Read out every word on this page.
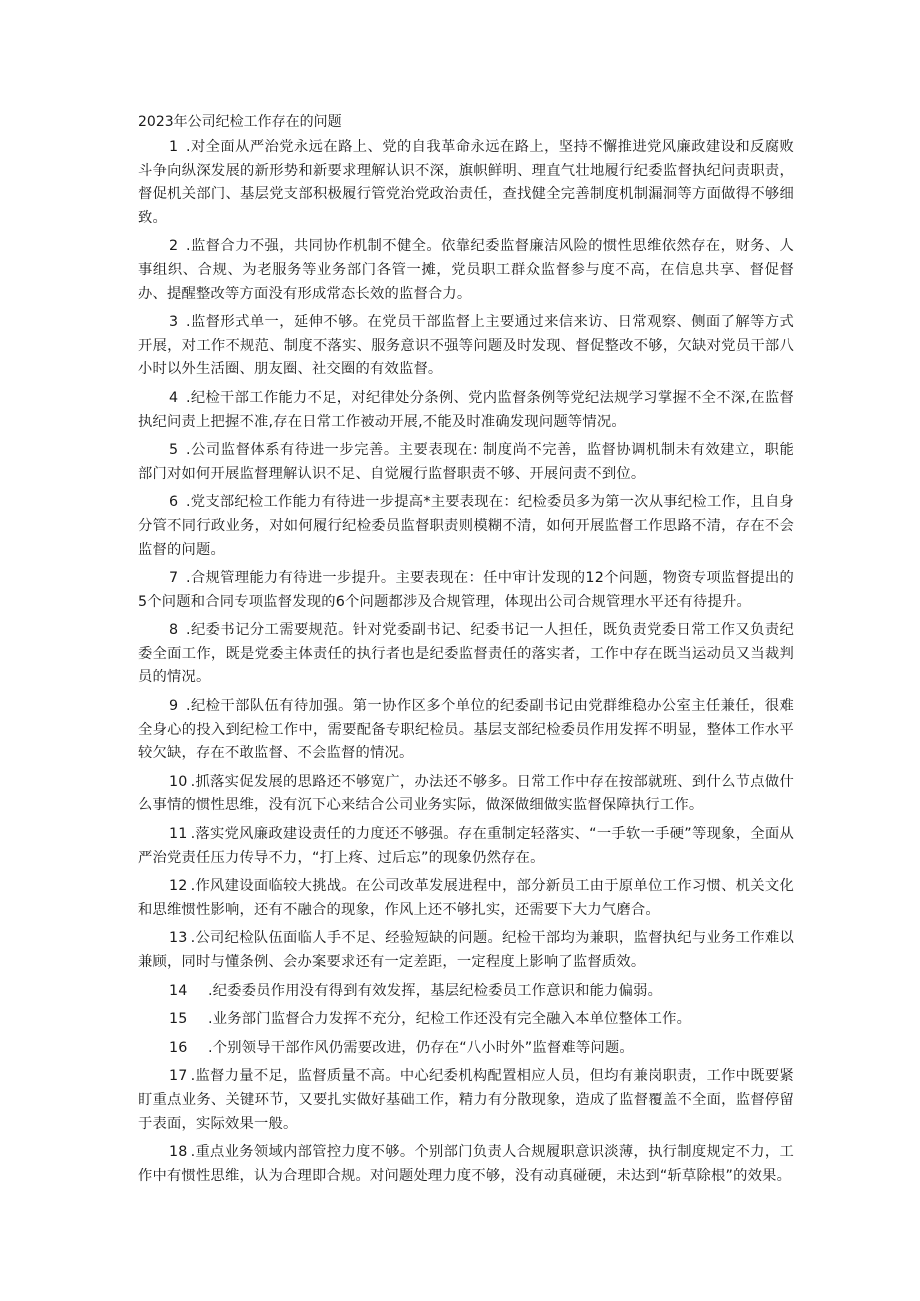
2023年公司纪检工作存在的问题

1 .对全面从严治党永远在路上、党的自我革命永远在路上，坚持不懈推进党风廉政建设和反腐败斗争向纵深发展的新形势和新要求理解认识不深，旗帜鲜明、理直气壮地履行纪委监督执纪问责职责，督促机关部门、基层党支部积极履行管党治党政治责任，查找健全完善制度机制漏洞等方面做得不够细致。

2 .监督合力不强，共同协作机制不健全。依靠纪委监督廉洁风险的惯性思维依然存在，财务、人事组织、合规、为老服务等业务部门各管一摊，党员职工群众监督参与度不高，在信息共享、督促督办、提醒整改等方面没有形成常态长效的监督合力。

3 .监督形式单一，延伸不够。在党员干部监督上主要通过来信来访、日常观察、侧面了解等方式开展，对工作不规范、制度不落实、服务意识不强等问题及时发现、督促整改不够，欠缺对党员干部八小时以外生活圈、朋友圈、社交圈的有效监督。

4 .纪检干部工作能力不足，对纪律处分条例、党内监督条例等党纪法规学习掌握不全不深,在监督执纪问责上把握不准,存在日常工作被动开展,不能及时准确发现问题等情况。

5 .公司监督体系有待进一步完善。主要表现在: 制度尚不完善，监督协调机制未有效建立，职能部门对如何开展监督理解认识不足、自觉履行监督职责不够、开展问责不到位。

6 .党支部纪检工作能力有待进一步提高*主要表现在：纪检委员多为第一次从事纪检工作，且自身分管不同行政业务，对如何履行纪检委员监督职责则模糊不清，如何开展监督工作思路不清，存在不会监督的问题。

7 .合规管理能力有待进一步提升。主要表现在：任中审计发现的12个问题，物资专项监督提出的5个问题和合同专项监督发现的6个问题都涉及合规管理，体现出公司合规管理水平还有待提升。

8 .纪委书记分工需要规范。针对党委副书记、纪委书记一人担任，既负责党委日常工作又负责纪委全面工作，既是党委主体责任的执行者也是纪委监督责任的落实者，工作中存在既当运动员又当裁判员的情况。

9 .纪检干部队伍有待加强。第一协作区多个单位的纪委副书记由党群维稳办公室主任兼任，很难全身心的投入到纪检工作中，需要配备专职纪检员。基层支部纪检委员作用发挥不明显，整体工作水平较欠缺，存在不敢监督、不会监督的情况。

10 .抓落实促发展的思路还不够宽广，办法还不够多。日常工作中存在按部就班、到什么节点做什么事情的惯性思维，没有沉下心来结合公司业务实际，做深做细做实监督保障执行工作。

11 .落实党风廉政建设责任的力度还不够强。存在重制定轻落实、“一手软一手硬”等现象，全面从严治党责任压力传导不力，“打上疼、过后忘”的现象仍然存在。

12 .作风建设面临较大挑战。在公司改革发展进程中，部分新员工由于原单位工作习惯、机关文化和思维惯性影响，还有不融合的现象，作风上还不够扎实，还需要下大力气磨合。

13 .公司纪检队伍面临人手不足、经验短缺的问题。纪检干部均为兼职，监督执纪与业务工作难以兼顾，同时与懂条例、会办案要求还有一定差距，一定程度上影响了监督质效。

14 .纪委委员作用没有得到有效发挥，基层纪检委员工作意识和能力偏弱。

15 .业务部门监督合力发挥不充分，纪检工作还没有完全融入本单位整体工作。

16 .个别领导干部作风仍需要改进，仍存在“八小时外”监督难等问题。

17 .监督力量不足，监督质量不高。中心纪委机构配置相应人员，但均有兼岗职责，工作中既要紧盯重点业务、关键环节，又要扎实做好基础工作，精力有分散现象，造成了监督覆盖不全面，监督停留于表面，实际效果一般。

18 .重点业务领域内部管控力度不够。个别部门负责人合规履职意识淡薄，执行制度规定不力，工作中有惯性思维，认为合理即合规。对问题处理力度不够，没有动真碰硬，未达到“斩草除根”的效果。
